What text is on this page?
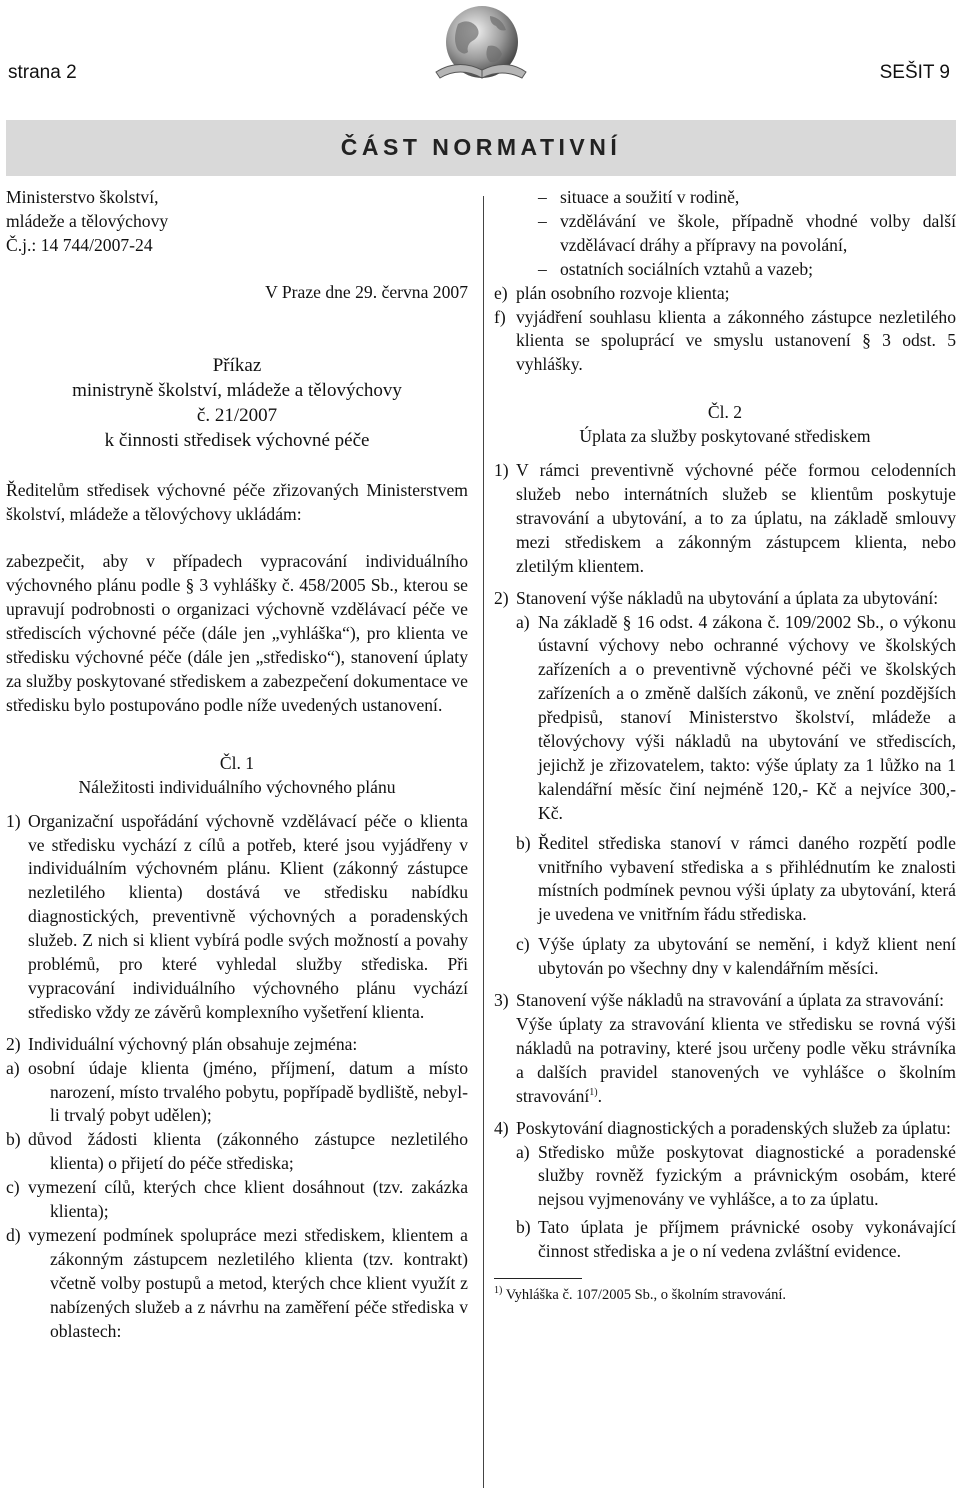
strana 2	SEŠIT 9
ČÁST NORMATIVNÍ

Ministerstvo školství,

mládeže a tělovýchovy

Č.j.: 14 744/2007-24

V Praze dne 29. června 2007

Příkaz

ministryně školství, mládeže a tělovýchovy

č. 21/2007

k činnosti středisek výchovné péče

Ředitelům středisek výchovné péče zřizovaných Ministerstvem školství, mládeže a tělovýchovy ukládám:

zabezpečit, aby v případech vypracování individuálního výchovného plánu podle § 3 vyhlášky č. 458/2005 Sb., kterou se upravují podrobnosti o organizaci výchovně vzdělávací péče ve střediscích výchovné péče (dále jen „vyhláška“), pro klienta ve středisku výchovné péče (dále jen „středisko“), stanovení úplaty za služby poskytované střediskem a zabezpečení dokumentace ve středisku bylo postupováno podle níže uvedených ustanovení.

Čl. 1

Náležitosti individuálního výchovného plánu

1) Organizační uspořádání výchovně vzdělávací péče o klienta ve středisku vychází z cílů a potřeb, které jsou vyjádřeny v individuálním výchovném plánu. Klient (zákonný zástupce nezletilého klienta) dostává ve středisku nabídku diagnostických, preventivně výchovných a poradenských služeb. Z nich si klient vybírá podle svých možností a povahy problémů, pro které vyhledal služby střediska. Při vypracování individuálního výchovného plánu vychází středisko vždy ze závěrů komplexního vyšetření klienta.
2) Individuální výchovný plán obsahuje zejména:
a) osobní údaje klienta (jméno, příjmení, datum a místo narození, místo trvalého pobytu, popřípadě bydliště, nebyl-li trvalý pobyt udělen);
b) důvod žádosti klienta (zákonného zástupce nezletilého klienta) o přijetí do péče střediska;
c) vymezení cílů, kterých chce klient dosáhnout (tzv. zakázka klienta);
d) vymezení podmínek spolupráce mezi střediskem, klientem a zákonným zástupcem nezletilého klienta (tzv. kontrakt) včetně volby postupů a metod, kterých chce klient využít z nabízených služeb a z návrhu na zaměření péče střediska v oblastech:
– situace a soužití v rodině,
– vzdělávání ve škole, případně vhodné volby další vzdělávací dráhy a přípravy na povolání,
– ostatních sociálních vztahů a vazeb;
e) plán osobního rozvoje klienta;
f) vyjádření souhlasu klienta a zákonného zástupce nezletilého klienta se spoluprácí ve smyslu ustanovení § 3 odst. 5 vyhlášky.

Čl. 2

Úplata za služby poskytované střediskem

1) V rámci preventivně výchovné péče formou celodenních služeb nebo internátních služeb se klientům poskytuje stravování a ubytování, a to za úplatu, na základě smlouvy mezi střediskem a zákonným zástupcem klienta, nebo zletilým klientem.
2) Stanovení výše nákladů na ubytování a úplata za ubytování:
a) Na základě § 16 odst. 4 zákona č. 109/2002 Sb., o výkonu ústavní výchovy nebo ochranné výchovy ve školských zařízeních a o preventivně výchovné péči ve školských zařízeních a o změně dalších zákonů, ve znění pozdějších předpisů, stanoví Ministerstvo školství, mládeže a tělovýchovy výši nákladů na ubytování ve střediscích, jejichž je zřizovatelem, takto: výše úplaty za 1 lůžko na 1 kalendářní měsíc činí nejméně 120,- Kč a nejvíce 300,- Kč.
b) Ředitel střediska stanoví v rámci daného rozpětí podle vnitřního vybavení střediska a s přihlédnutím ke znalosti místních podmínek pevnou výši úplaty za ubytování, která je uvedena ve vnitřním řádu střediska.
c) Výše úplaty za ubytování se nemění, i když klient není ubytován po všechny dny v kalendářním měsíci.
3) Stanovení výše nákladů na stravování a úplata za stravování:

Výše úplaty za stravování klienta ve středisku se rovná výši nákladů na potraviny, které jsou určeny podle věku strávníka a dalších pravidel stanovených ve vyhlášce o školním stravování$^{1)}$.

4) Poskytování diagnostických a poradenských služeb za úplatu:
a) Středisko může poskytovat diagnostické a poradenské služby rovněž fyzickým a právnickým osobám, které nejsou vyjmenovány ve vyhlášce, a to za úplatu.
b) Tato úplata je příjmem právnické osoby vykonávající činnost střediska a je o ní vedena zvláštní evidence.

$^{1)}$ Vyhláška č. 107/2005 Sb., o školním stravování.
